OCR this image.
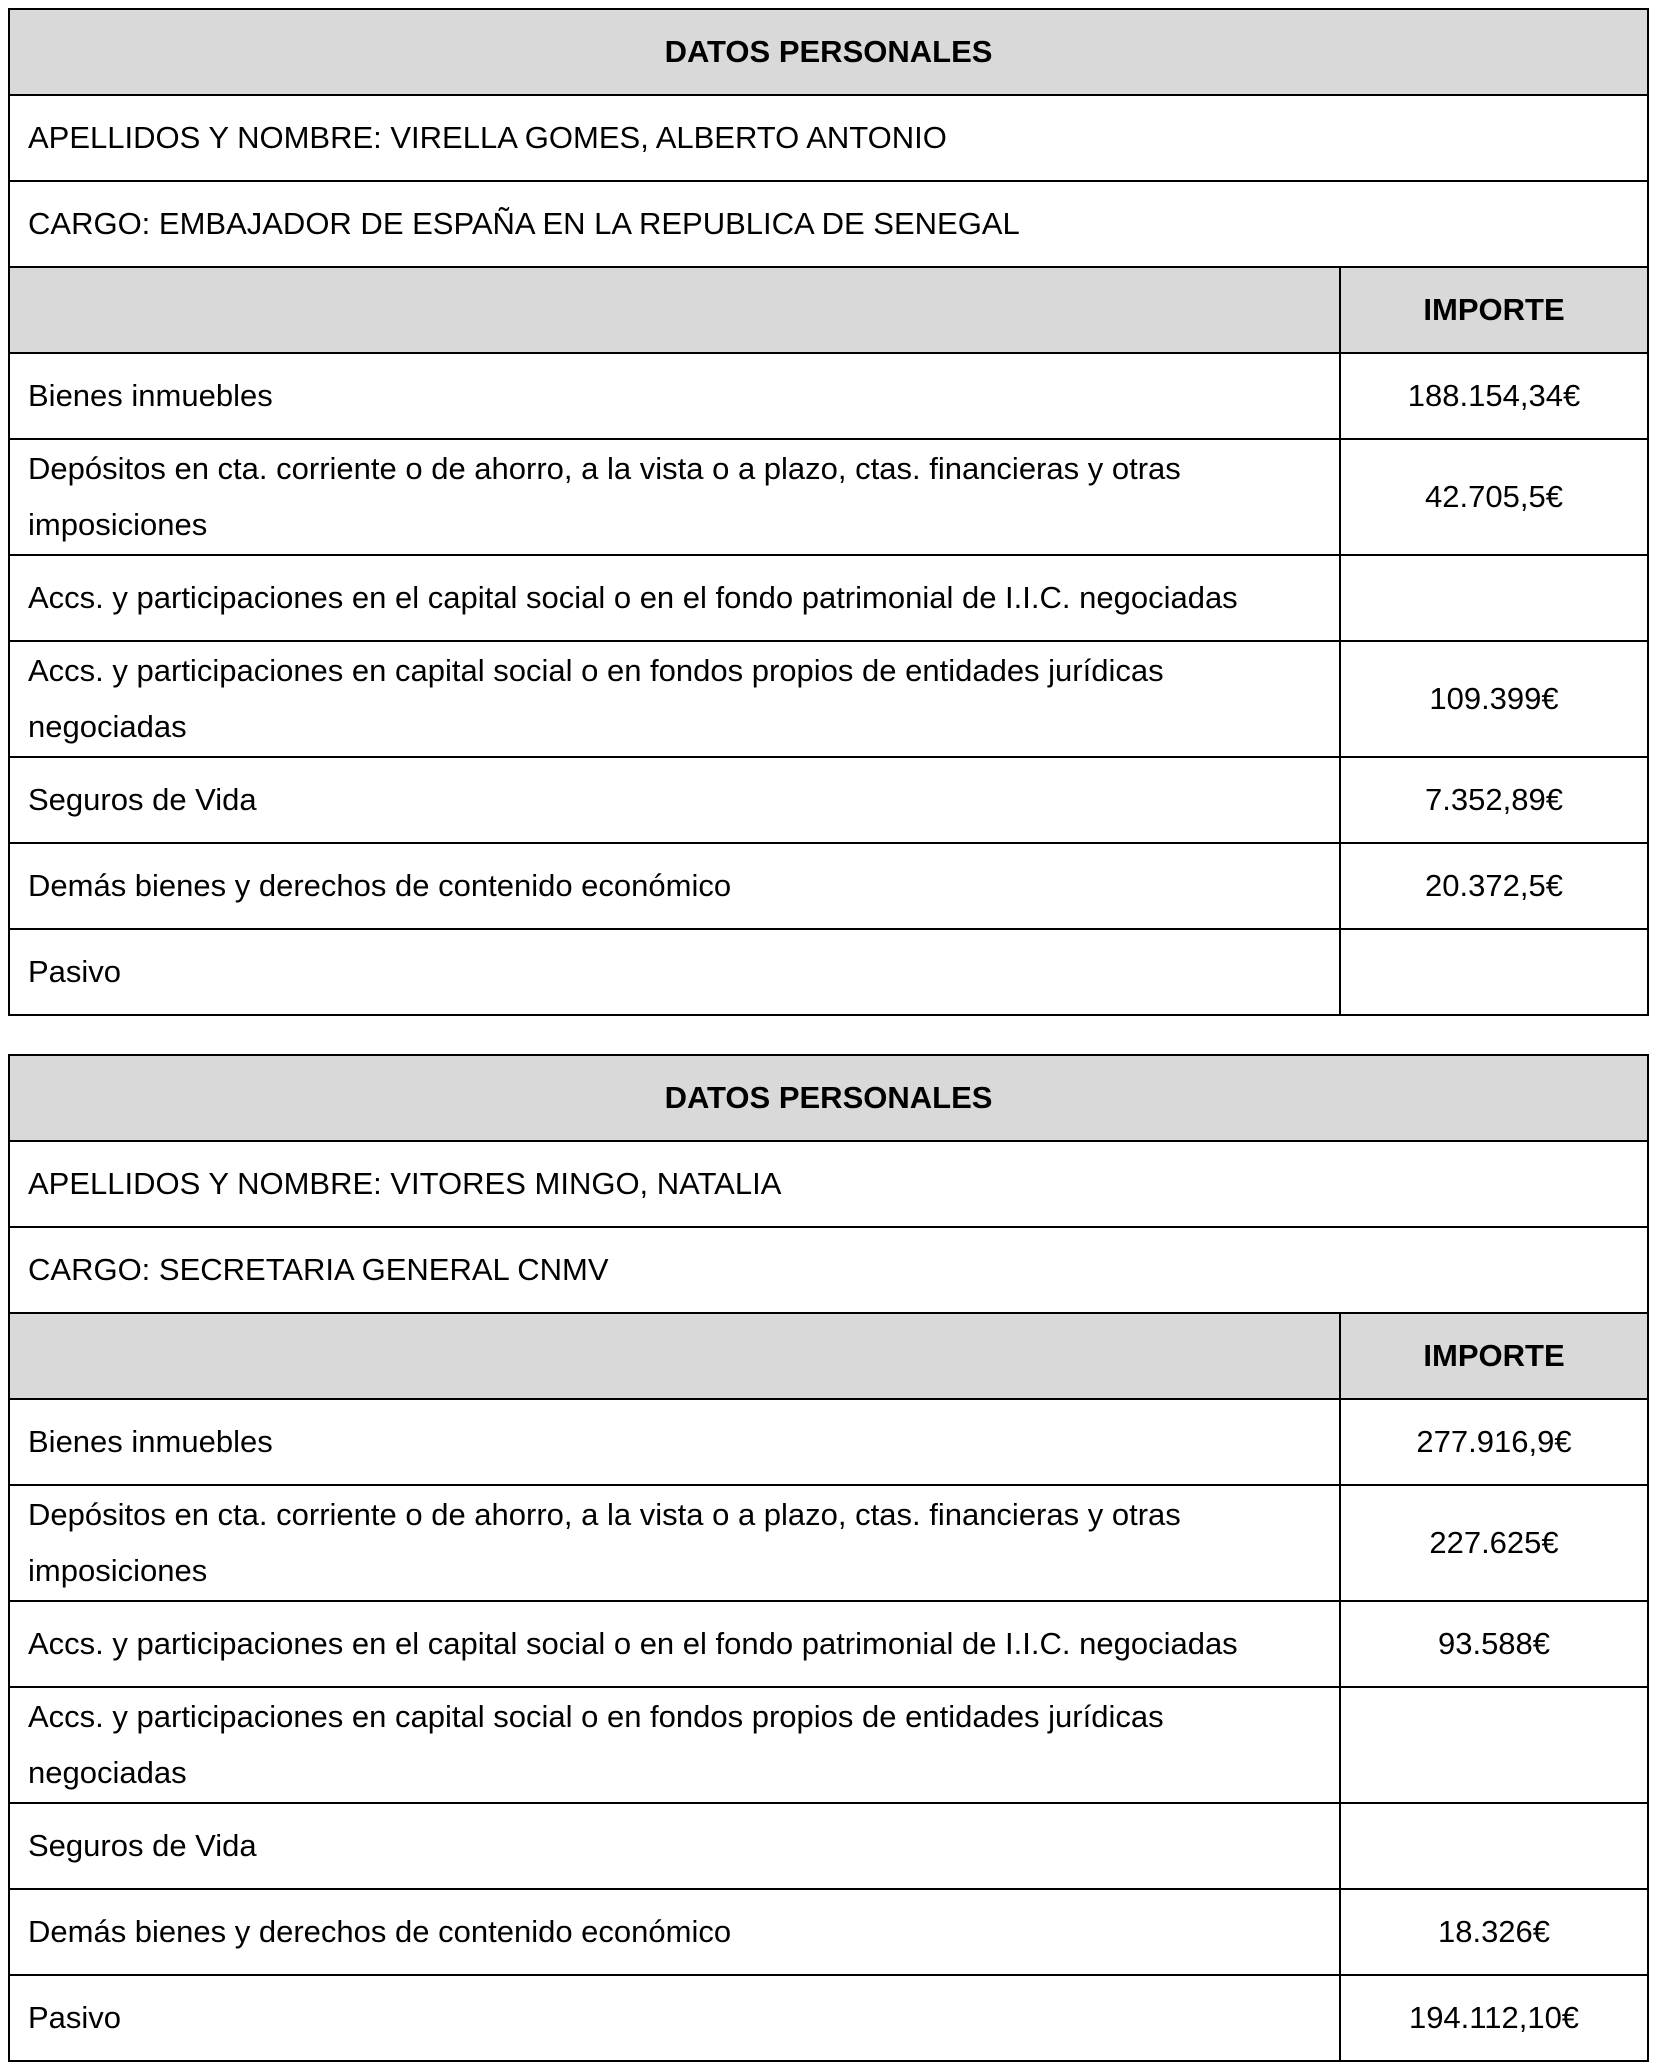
DATOS PERSONALES	
APELLIDOS Y NOMBRE: VIRELLA GOMES, ALBERTO ANTONIO	
CARGO: EMBAJADOR DE ESPAÑA EN LA REPUBLICA DE SENEGAL	
	IMPORTE
Bienes inmuebles	188.154,34€
Depósitos en cta. corriente o de ahorro, a la vista o a plazo, ctas. financieras y otras imposiciones	42.705,5€
Accs. y participaciones en el capital social o en el fondo patrimonial de I.I.C. negociadas	
Accs. y participaciones en capital social o en fondos propios de entidades jurídicas negociadas	109.399€
Seguros de Vida	7.352,89€
Demás bienes y derechos de contenido económico	20.372,5€
Pasivo	
DATOS PERSONALES	
APELLIDOS Y NOMBRE: VITORES MINGO, NATALIA	
CARGO: SECRETARIA GENERAL CNMV	
	IMPORTE
Bienes inmuebles	277.916,9€
Depósitos en cta. corriente o de ahorro, a la vista o a plazo, ctas. financieras y otras imposiciones	227.625€
Accs. y participaciones en el capital social o en el fondo patrimonial de I.I.C. negociadas	93.588€
Accs. y participaciones en capital social o en fondos propios de entidades jurídicas negociadas	
Seguros de Vida	
Demás bienes y derechos de contenido económico	18.326€
Pasivo	194.112,10€
